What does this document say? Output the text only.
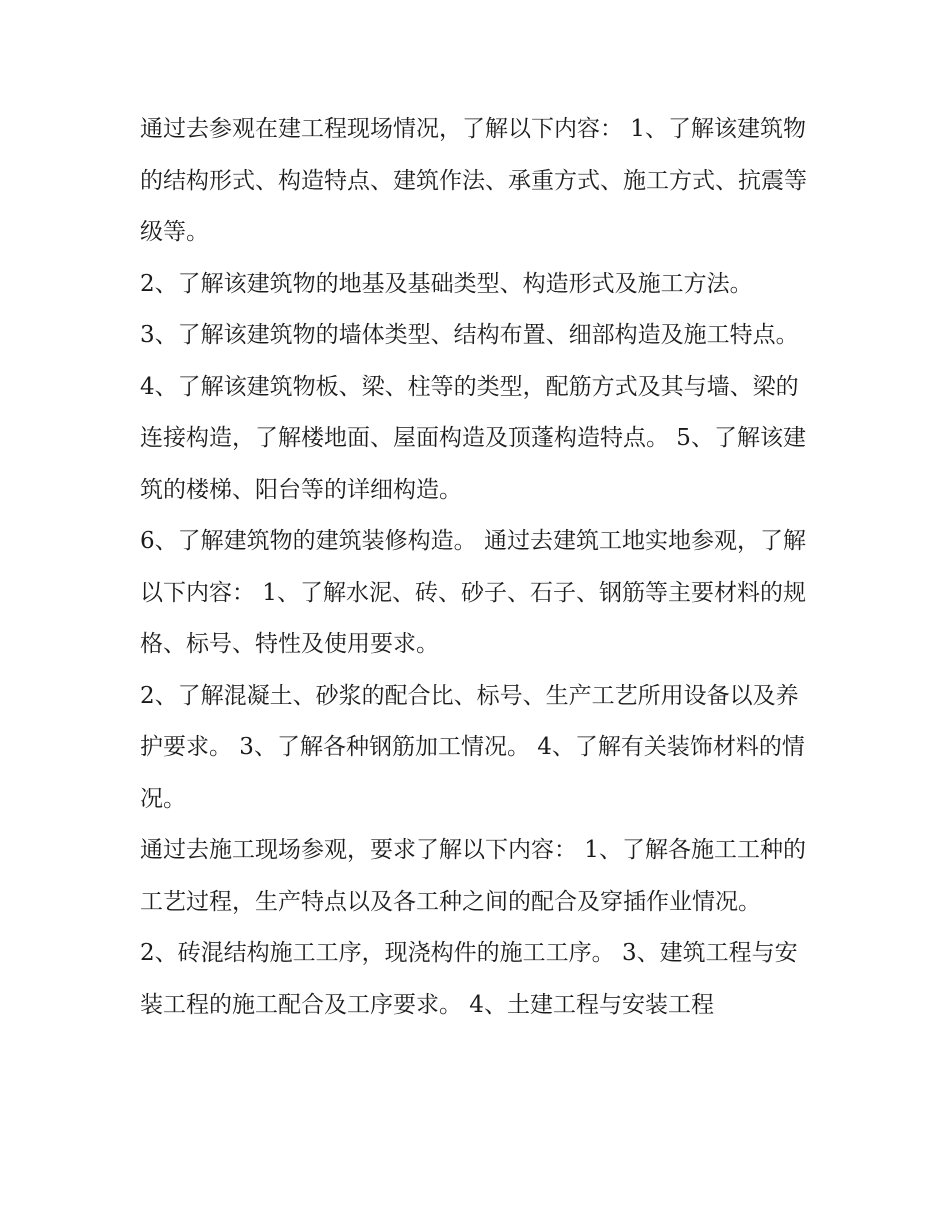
通过去参观在建工程现场情况，了解以下内容： 1、了解该建筑物的结构形式、构造特点、建筑作法、承重方式、施工方式、抗震等级等。

2、了解该建筑物的地基及基础类型、构造形式及施工方法。

3、了解该建筑物的墙体类型、结构布置、细部构造及施工特点。

4、了解该建筑物板、梁、柱等的类型，配筋方式及其与墙、梁的连接构造，了解楼地面、屋面构造及顶蓬构造特点。 5、了解该建筑的楼梯、阳台等的详细构造。

6、了解建筑物的建筑装修构造。 通过去建筑工地实地参观，了解以下内容： 1、了解水泥、砖、砂子、石子、钢筋等主要材料的规格、标号、特性及使用要求。

2、了解混凝土、砂浆的配合比、标号、生产工艺所用设备以及养护要求。 3、了解各种钢筋加工情况。 4、了解有关装饰材料的情况。

通过去施工现场参观，要求了解以下内容： 1、了解各施工工种的工艺过程，生产特点以及各工种之间的配合及穿插作业情况。

2、砖混结构施工工序，现浇构件的施工工序。 3、建筑工程与安装工程的施工配合及工序要求。 4、土建工程与安装工程
